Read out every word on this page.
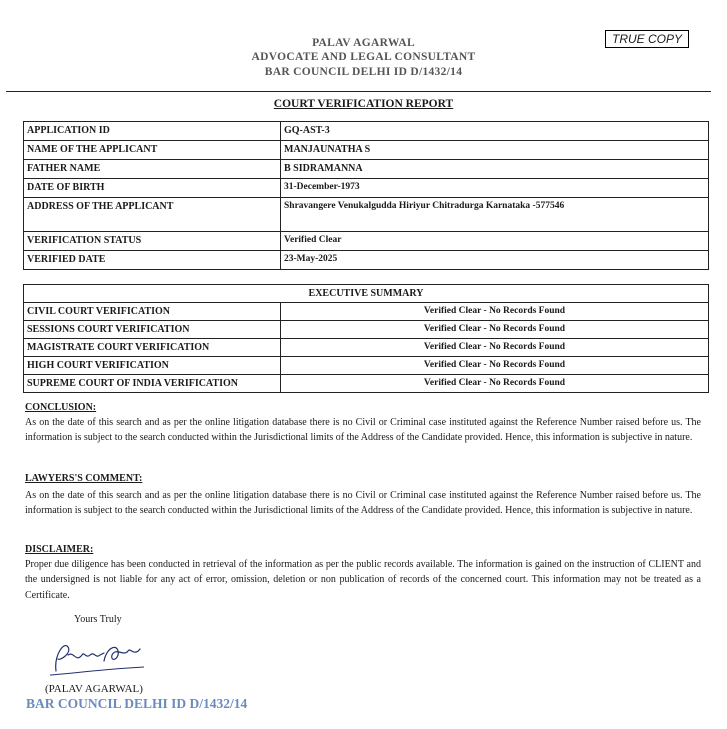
PALAV AGARWAL
ADVOCATE AND LEGAL CONSULTANT
BAR COUNCIL DELHI ID D/1432/14
TRUE COPY
COURT VERIFICATION REPORT
APPLICATION ID	GQ-AST-3
NAME OF THE APPLICANT	MANJAUNATHA S
FATHER NAME	B SIDRAMANNA
DATE OF BIRTH	31-December-1973
ADDRESS OF THE APPLICANT	Shravangere Venukalgudda Hiriyur Chitradurga Karnataka -577546
VERIFICATION STATUS	Verified Clear
VERIFIED DATE	23-May-2025
EXECUTIVE SUMMARY	
CIVIL COURT VERIFICATION	Verified Clear - No Records Found
SESSIONS COURT VERIFICATION	Verified Clear - No Records Found
MAGISTRATE COURT VERIFICATION	Verified Clear - No Records Found
HIGH COURT VERIFICATION	Verified Clear - No Records Found
SUPREME COURT OF INDIA VERIFICATION	Verified Clear - No Records Found
CONCLUSION:
As on the date of this search and as per the online litigation database there is no Civil or Criminal case instituted against the Reference Number raised before us. The information is subject to the search conducted within the Jurisdictional limits of the Address of the Candidate provided. Hence, this information is subjective in nature.
LAWYERS'S COMMENT:
As on the date of this search and as per the online litigation database there is no Civil or Criminal case instituted against the Reference Number raised before us. The information is subject to the search conducted within the Jurisdictional limits of the Address of the Candidate provided. Hence, this information is subjective in nature.
DISCLAIMER:
Proper due diligence has been conducted in retrieval of the information as per the public records available. The information is gained on the instruction of CLIENT and the undersigned is not liable for any act of error, omission, deletion or non publication of records of the concerned court. This information may not be treated as a Certificate.
Yours Truly
(PALAV AGARWAL)
BAR COUNCIL DELHI ID D/1432/14
